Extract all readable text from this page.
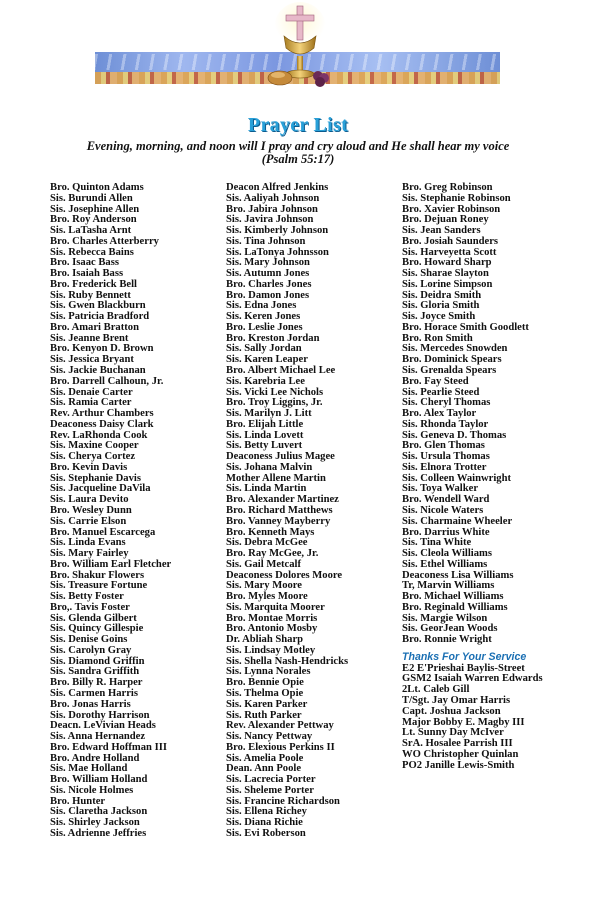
Prayer List
Evening, morning, and noon will I pray and cry aloud and He shall hear my voice
(Psalm 55:17)
Bro. Quinton Adams
Sis. Burundi Allen
Sis. Josephine Allen
Bro. Roy Anderson
Sis. LaTasha Arnt
Bro. Charles Atterberry
Sis. Rebecca Bains
Bro. Isaac Bass
Bro. Isaiah Bass
Bro. Frederick Bell
Sis. Ruby Bennett
Sis. Gwen Blackburn
Sis. Patricia Bradford
Bro. Amari Bratton
Sis. Jeanne Brent
Bro. Kenyon D. Brown
Sis. Jessica Bryant
Sis. Jackie Buchanan
Bro. Darrell Calhoun, Jr.
Sis. Denaie Carter
Sis. Ramia Carter
Rev. Arthur Chambers
Deaconess Daisy Clark
Rev. LaRhonda Cook
Sis. Maxine Cooper
Sis. Cherya Cortez
Bro. Kevin Davis
Sis. Stephanie Davis
Sis. Jacqueline DaVila
Sis. Laura Devito
Bro. Wesley Dunn
Sis. Carrie Elson
Bro. Manuel Escarcega
Sis. Linda Evans
Sis. Mary Fairley
Bro. William Earl Fletcher
Bro. Shakur Flowers
Sis. Treasure Fortune
Sis. Betty Foster
Bro,. Tavis Foster
Sis. Glenda Gilbert
Sis. Quincy Gillespie
Sis. Denise Goins
Sis. Carolyn Gray
Sis. Diamond Griffin
Sis. Sandra Griffith
Bro. Billy R. Harper
Sis. Carmen Harris
Bro. Jonas Harris
Sis. Dorothy Harrison
Deacn. LeVivian Heads
Sis. Anna Hernandez
Bro. Edward Hoffman III
Bro. Andre Holland
Sis. Mae Holland
Bro. William Holland
Sis. Nicole Holmes
Bro. Hunter
Sis. Claretha Jackson
Sis. Shirley Jackson
Sis. Adrienne Jeffries
Deacon Alfred Jenkins
Sis. Aaliyah Johnson
Bro. Jabira Johnson
Sis. Javira Johnson
Sis. Kimberly Johnson
Sis. Tina Johnson
Sis. LaTonya Johnsson
Sis. Mary Johnson
Sis. Autumn Jones
Bro. Charles Jones
Bro. Damon Jones
Sis. Edna Jones
Sis. Keren Jones
Bro. Leslie Jones
Bro. Kreston Jordan
Sis. Sally Jordan
Sis. Karen Leaper
Bro. Albert Michael Lee
Sis. Karebria Lee
Sis. Vicki Lee Nichols
Bro. Troy Liggins, Jr.
Sis. Marilyn J. Litt
Bro. Elijah Little
Sis. Linda Lovett
Sis. Betty Luvert
Deaconess Julius Magee
Sis. Johana Malvin
Mother Allene Martin
Sis. Linda Martin
Bro. Alexander Martinez
Bro. Richard Matthews
Bro. Vanney Mayberry
Bro. Kenneth Mays
Sis. Debra McGee
Bro. Ray McGee, Jr.
Sis. Gail Metcalf
Deaconess Dolores Moore
Sis. Mary Moore
Bro. Myles Moore
Sis. Marquita Moorer
Bro. Montae Morris
Bro. Antonio Mosby
Dr. Abliah Sharp
Sis. Lindsay Motley
Sis. Shella Nash-Hendricks
Sis. Lynna Norales
Bro. Bennie Opie
Sis. Thelma Opie
Sis. Karen Parker
Sis. Ruth Parker
Rev. Alexander Pettway
Sis. Nancy Pettway
Bro. Elexious Perkins II
Sis. Amelia Poole
Dean. Ann Poole
Sis. Lacrecia Porter
Sis. Sheleme Porter
Sis. Francine Richardson
Sis. Ellena Richey
Sis. Diana Richie
Sis. Evi Roberson
Bro. Greg Robinson
Sis. Stephanie Robinson
Bro. Xavier Robinson
Bro. Dejuan Roney
Sis. Jean Sanders
Bro. Josiah Saunders
Sis. Harveyetta Scott
Bro. Howard Sharp
Sis. Sharae Slayton
Sis. Lorine Simpson
Sis. Deidra Smith
Sis. Gloria Smith
Sis. Joyce Smith
Bro. Horace Smith Goodlett
Bro. Ron Smith
Sis. Mercedes Snowden
Bro. Dominick Spears
Sis. Grenalda Spears
Bro. Fay Steed
Sis. Pearlie Steed
Sis. Cheryl Thomas
Bro. Alex Taylor
Sis. Rhonda Taylor
Sis. Geneva D. Thomas
Bro. Glen Thomas
Sis. Ursula Thomas
Sis. Elnora Trotter
Sis. Colleen Wainwright
Sis. Toya Walker
Bro. Wendell Ward
Sis. Nicole Waters
Sis. Charmaine Wheeler
Bro. Darrius White
Sis. Tina White
Sis. Cleola Williams
Sis. Ethel Williams
Deaconess Lisa Williams
Tr, Marvin Williams
Bro. Michael Williams
Bro. Reginald Williams
Sis. Margie Wilson
Sis. GeorJean Woods
Bro. Ronnie Wright
Thanks For Your Service
E2 E'Prieshai Baylis-Street
GSM2 Isaiah Warren Edwards
2Lt. Caleb Gill
T/Sgt. Jay Omar Harris
Capt. Joshua Jackson
Major Bobby E. Magby III
Lt. Sunny Day McIver
SrA. Hosalee Parrish III
WO Christopher Quinlan
PO2 Janille Lewis-Smith
